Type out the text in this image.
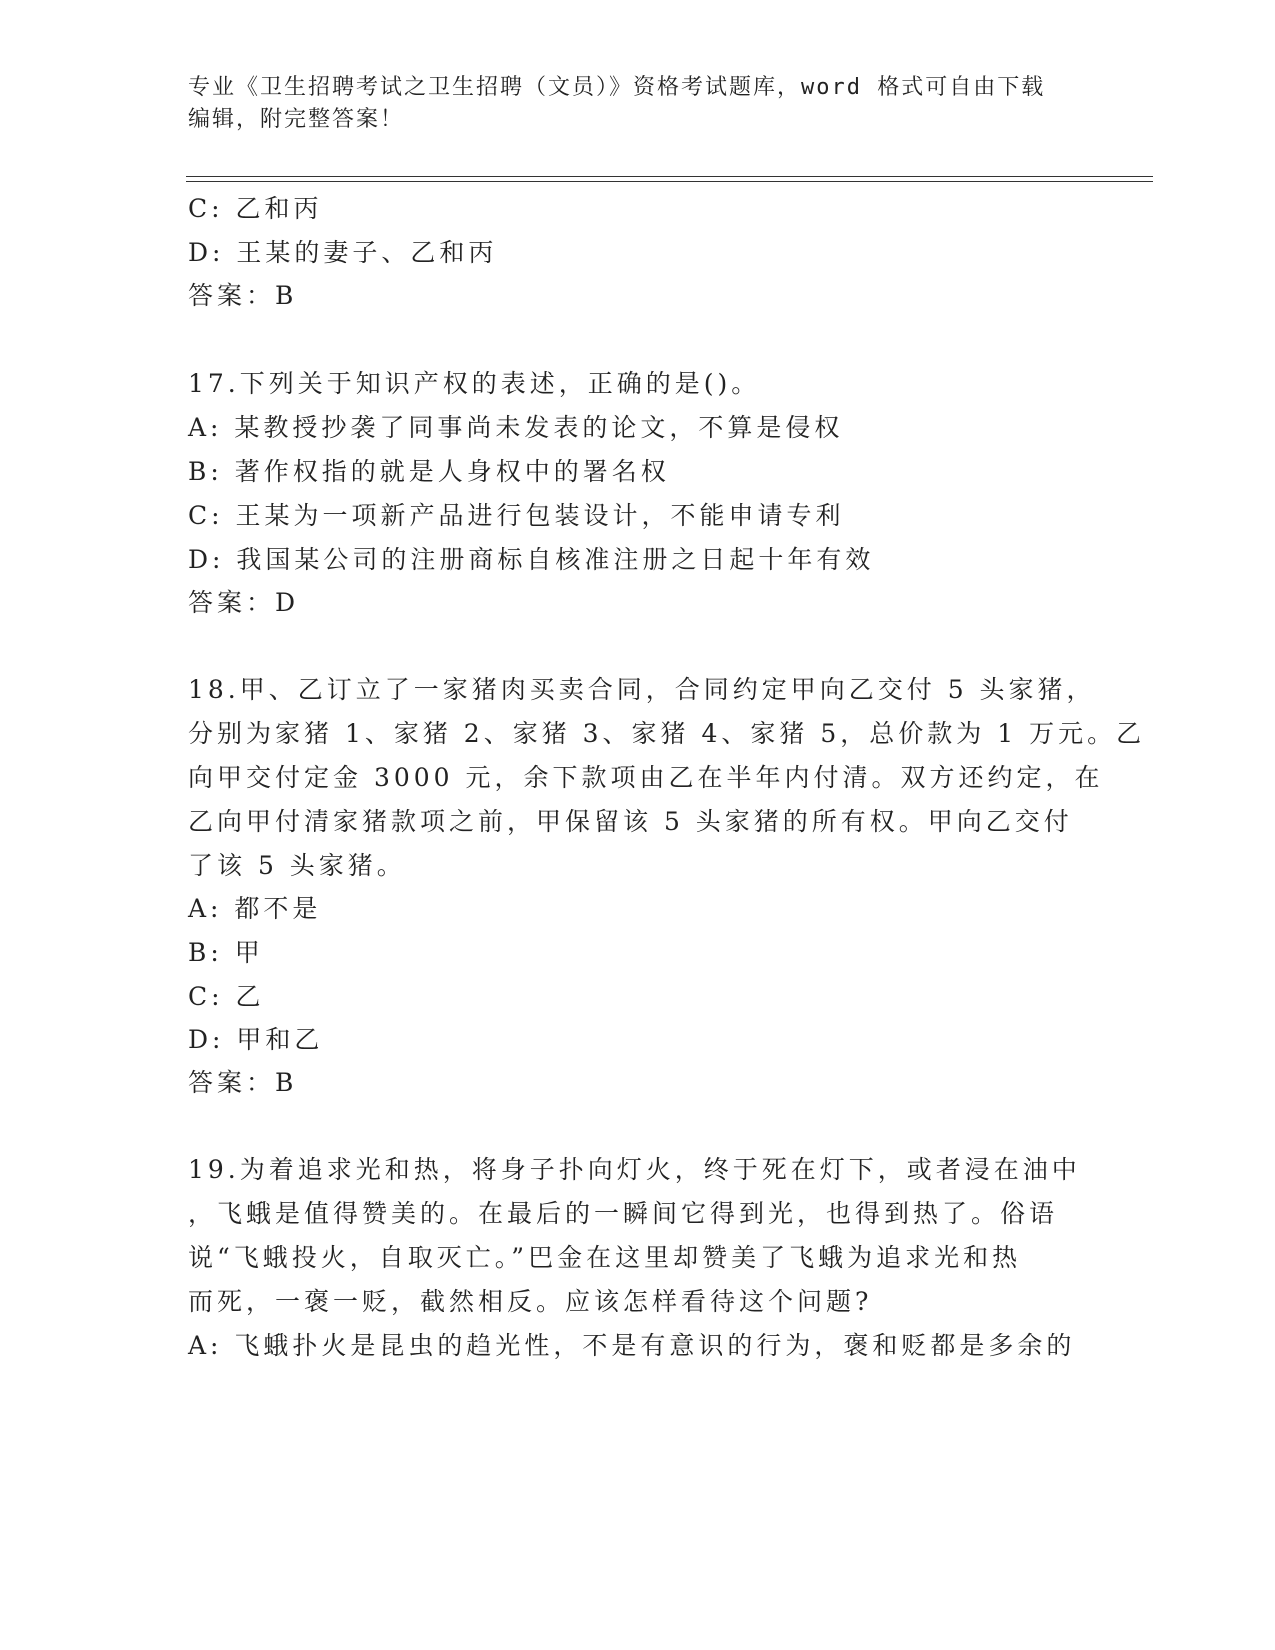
专业《卫生招聘考试之卫生招聘（文员）》资格考试题库，word 格式可自由下载
编辑，附完整答案！
C: 乙和丙
D: 王某的妻子、乙和丙
答案：B
17.下列关于知识产权的表述，正确的是()。
A: 某教授抄袭了同事尚未发表的论文，不算是侵权
B: 著作权指的就是人身权中的署名权
C: 王某为一项新产品进行包装设计，不能申请专利
D: 我国某公司的注册商标自核准注册之日起十年有效
答案：D
18.甲、乙订立了一家猪肉买卖合同，合同约定甲向乙交付 5 头家猪，
分别为家猪 1、家猪 2、家猪 3、家猪 4、家猪 5，总价款为 1 万元。乙
向甲交付定金 3000 元，余下款项由乙在半年内付清。双方还约定，在
乙向甲付清家猪款项之前，甲保留该 5 头家猪的所有权。甲向乙交付
了该 5 头家猪。
A: 都不是
B: 甲
C: 乙
D: 甲和乙
答案：B
19.为着追求光和热，将身子扑向灯火，终于死在灯下，或者浸在油中
，飞蛾是值得赞美的。在最后的一瞬间它得到光，也得到热了。俗语
说“飞蛾投火，自取灭亡。”巴金在这里却赞美了飞蛾为追求光和热
而死，一褒一贬，截然相反。应该怎样看待这个问题?
A: 飞蛾扑火是昆虫的趋光性，不是有意识的行为，褒和贬都是多余的
